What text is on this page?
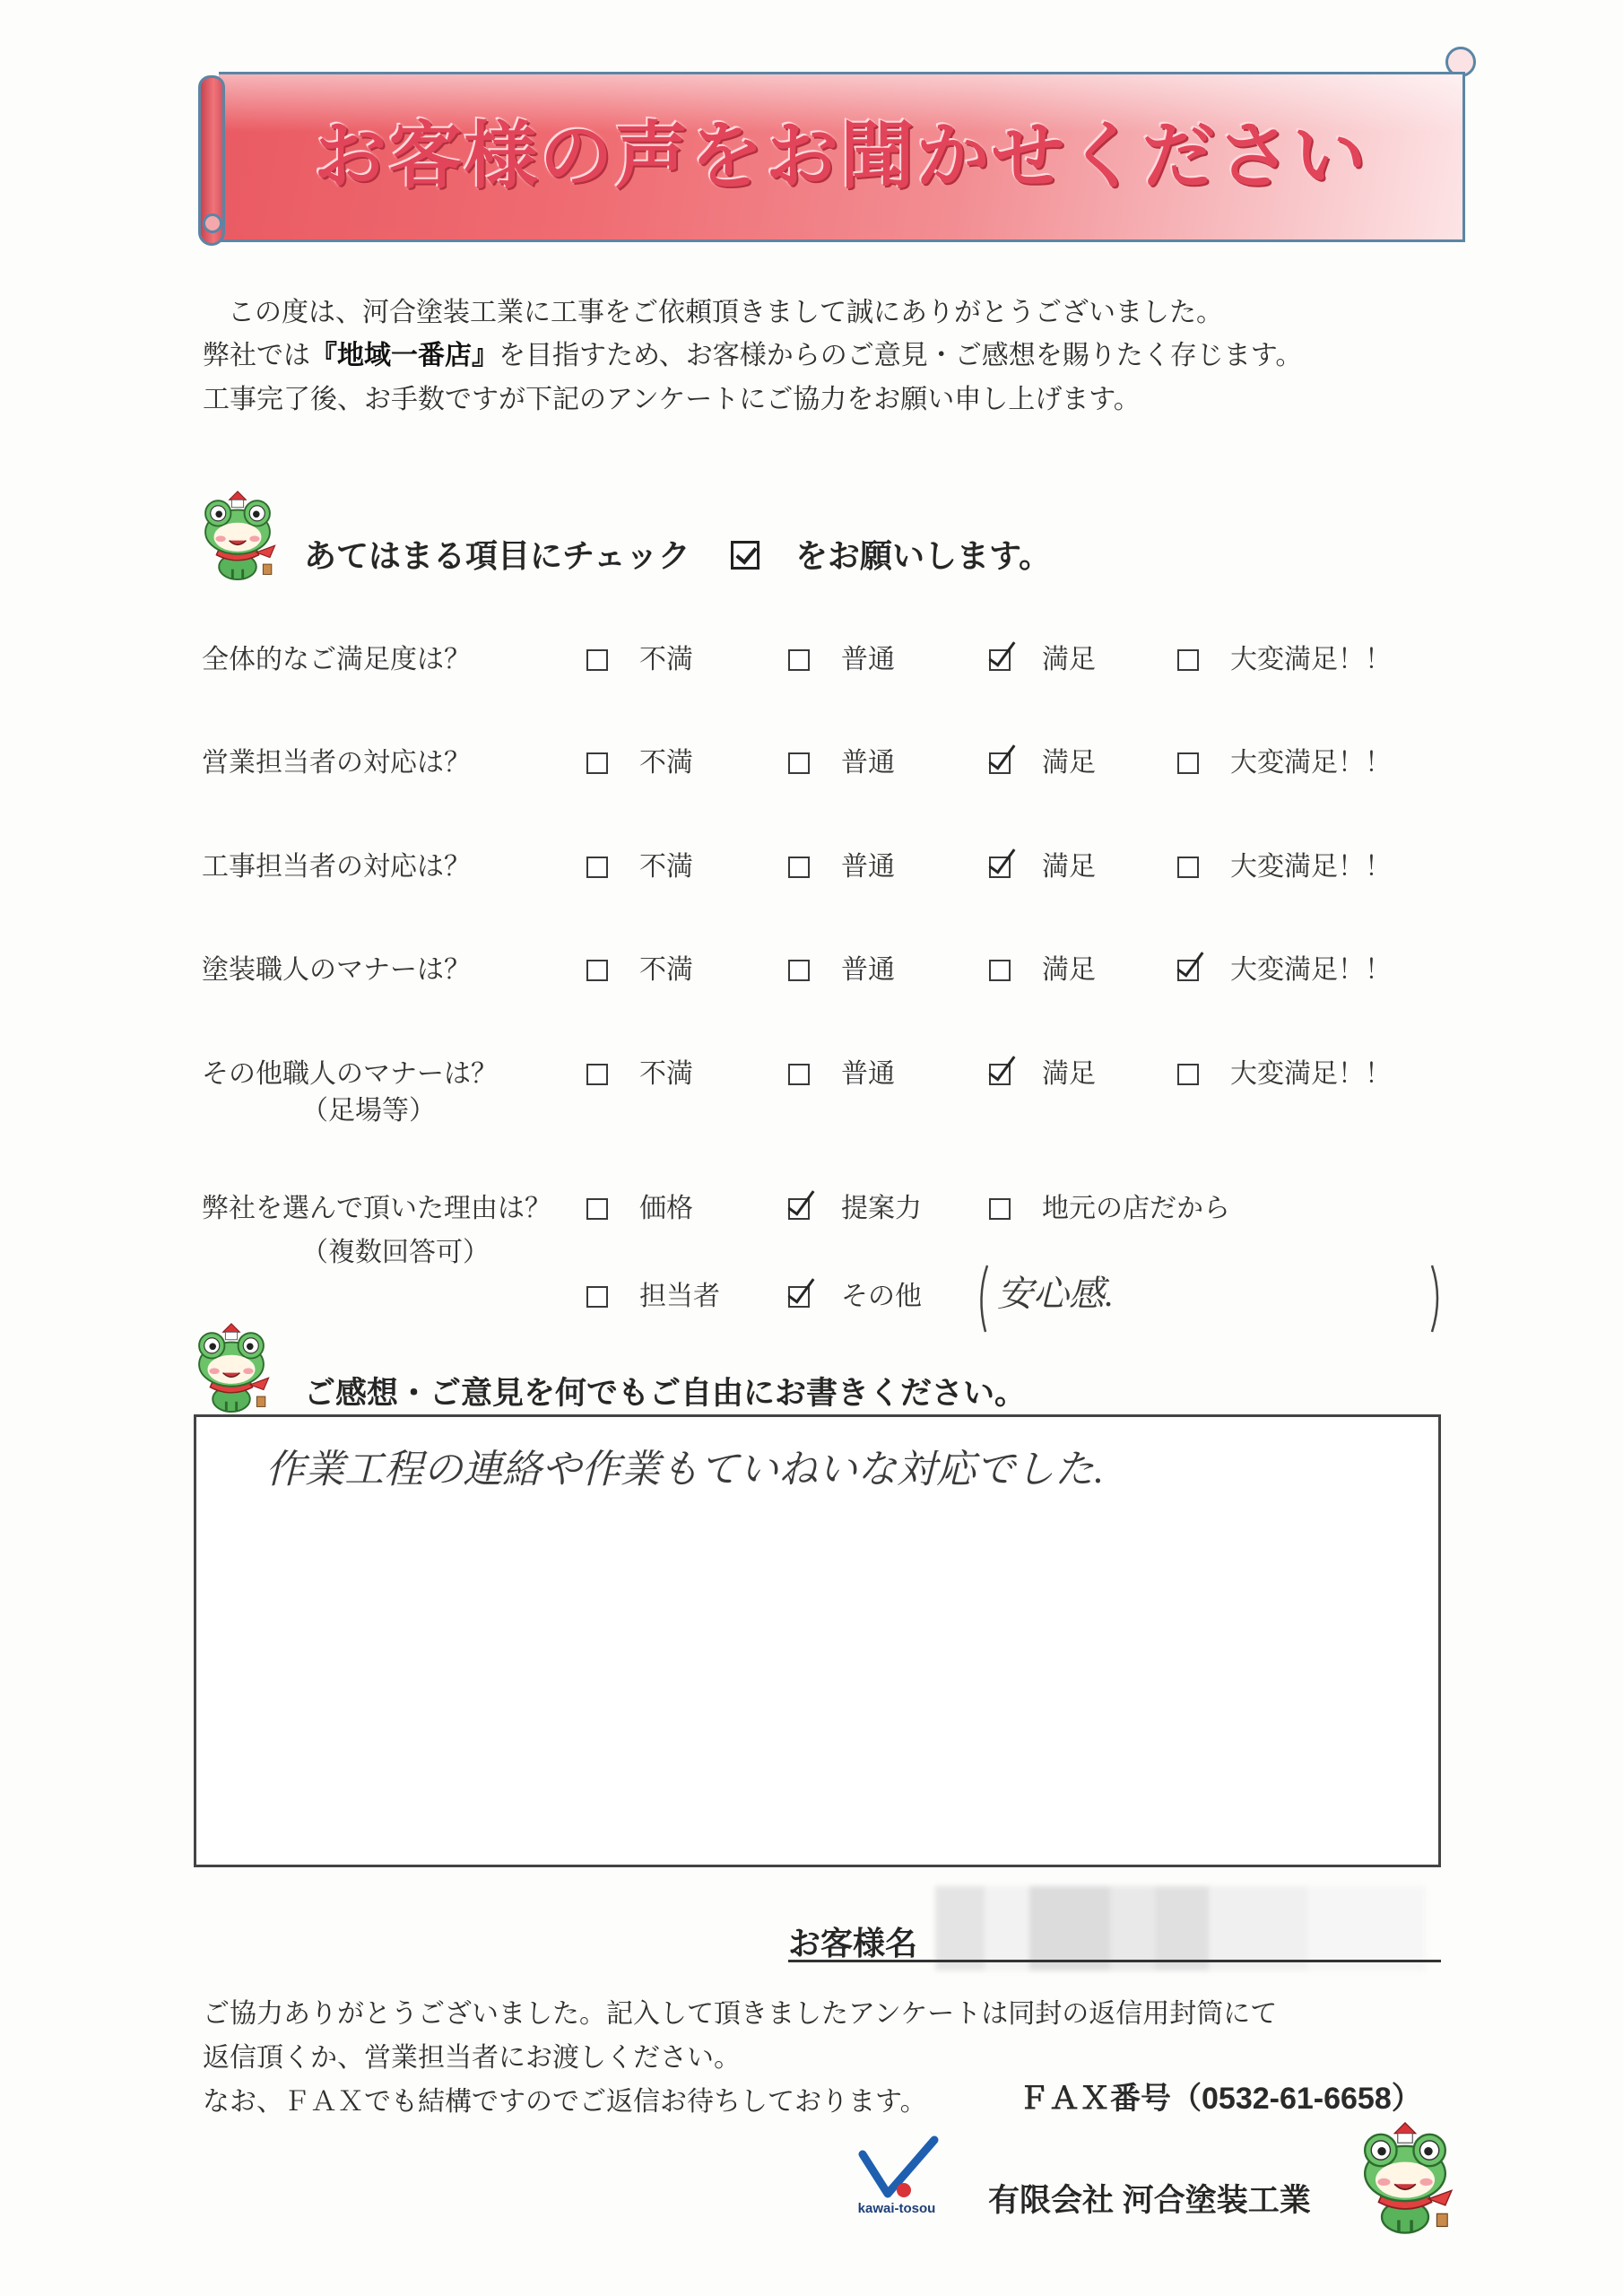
お客様の声をお聞かせください
この度は、河合塗装工業に工事をご依頼頂きまして誠にありがとうございました。
弊社では『地域一番店』を目指すため、お客様からのご意見・ご感想を賜りたく存じます。
工事完了後、お手数ですが下記のアンケートにご協力をお願い申し上げます。
あてはまる項目にチェック	をお願いします。
全体的なご満足度は？	不満	普通	満足	大変満足！！
営業担当者の対応は？	不満	普通	満足	大変満足！！
工事担当者の対応は？	不満	普通	満足	大変満足！！
塗装職人のマナーは？	不満	普通	満足	大変満足！！
その他職人のマナーは？	不満	普通	満足	大変満足！！
（足場等）
弊社を選んで頂いた理由は？	価格	提案力	地元の店だから
（複数回答可）
担当者	その他 安心感.
ご感想・ご意見を何でもご自由にお書きください。
作業工程の連絡や作業もていねいな対応でした.
お客様名
ご協力ありがとうございました。記入して頂きましたアンケートは同封の返信用封筒にて
返信頂くか、営業担当者にお渡しください。
なお、ＦＡＸでも結構ですのでご返信お待ちしております。	ＦＡＸ番号（0532-61-6658）
kawai-tosou	有限会社 河合塗装工業
